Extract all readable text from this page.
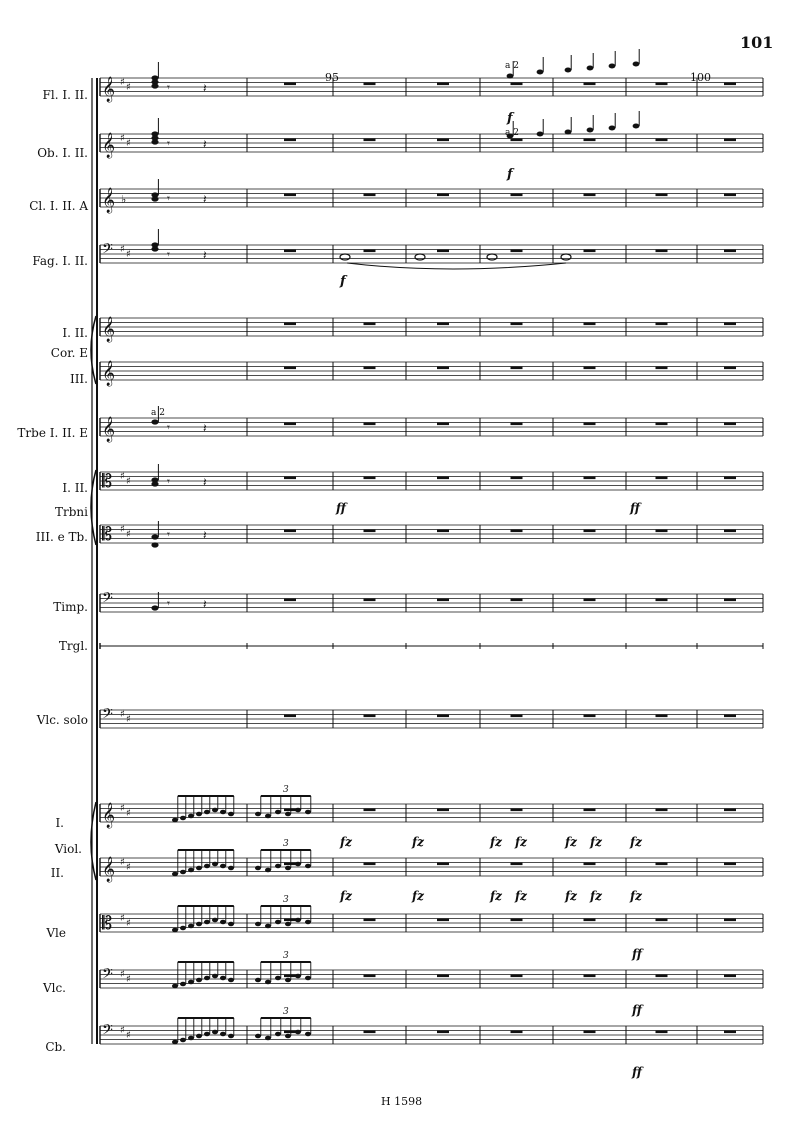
101
95	100
Fl. I. II.
Ob. I. II.
Cl. I. II. A
Fag. I. II.
I. II.
Cor. E
III.
Trbe I. II. E
I. II.
Trbni
III. e Tb.
Timp.
Trgl.
Vlc. solo
I.
Viol.
II.
Vle
Vlc.
Cb.
H 1598
𝄞 ♯ ♯
𝄞 ♯ ♯
𝄞 ♭
𝄢 ♯ ♯
𝄞
𝄞
𝄞
𝄡 ♯ ♯
𝄡 ♯ ♯
𝄢
𝄢 ♯ ♯
𝄞 ♯ ♯
𝄞 ♯ ♯
𝄡 ♯ ♯
𝄢 ♯ ♯
𝄢 ♯ ♯
𝄾	𝄽
𝄾	𝄽
𝄾	𝄽
𝄾	𝄽
𝄾	𝄽
𝄾	𝄽
𝄾	𝄽
𝄾	𝄽
a 2
a 2
a 2
f
f
f
ff	ff
3
3
3
3
3
fz	fz
fz	fz
fz fz	fz fz
fz fz	fz fz
fz
fz
ff
ff
ff
